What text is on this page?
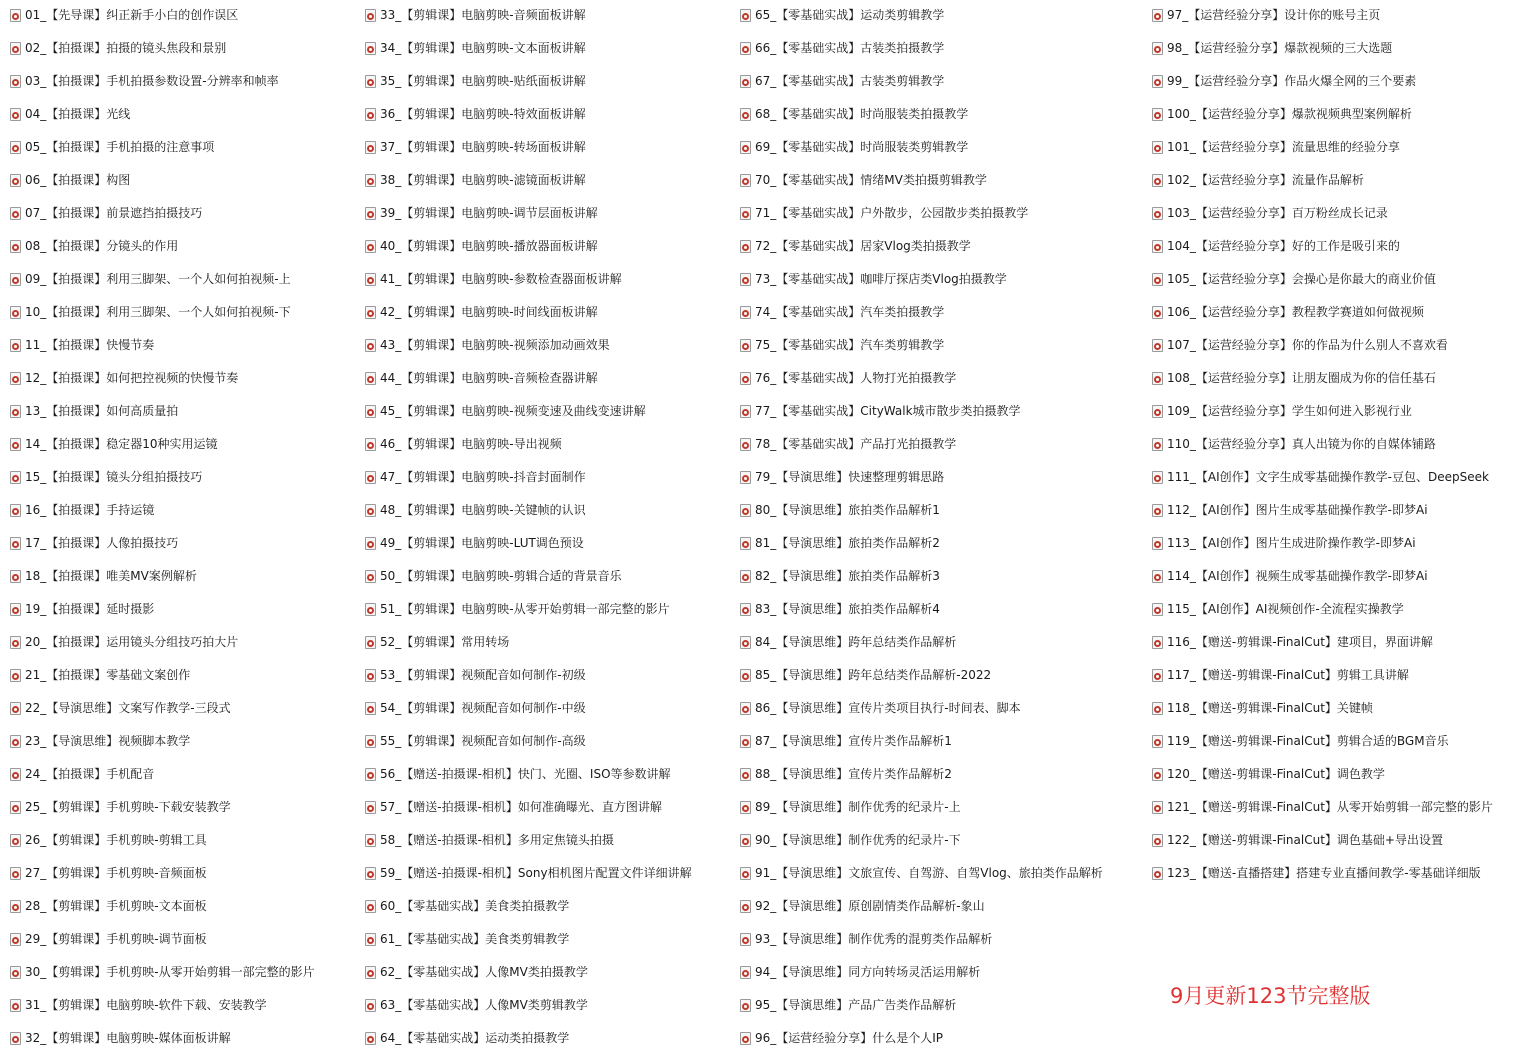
01_【先导课】纠正新手小白的创作误区
02_【拍摄课】拍摄的镜头焦段和景别
03_【拍摄课】手机拍摄参数设置-分辨率和帧率
04_【拍摄课】光线
05_【拍摄课】手机拍摄的注意事项
06_【拍摄课】构图
07_【拍摄课】前景遮挡拍摄技巧
08_【拍摄课】分镜头的作用
09_【拍摄课】利用三脚架、一个人如何拍视频-上
10_【拍摄课】利用三脚架、一个人如何拍视频-下
11_【拍摄课】快慢节奏
12_【拍摄课】如何把控视频的快慢节奏
13_【拍摄课】如何高质量拍
14_【拍摄课】稳定器10种实用运镜
15_【拍摄课】镜头分组拍摄技巧
16_【拍摄课】手持运镜
17_【拍摄课】人像拍摄技巧
18_【拍摄课】唯美MV案例解析
19_【拍摄课】延时摄影
20_【拍摄课】运用镜头分组技巧拍大片
21_【拍摄课】零基础文案创作
22_【导演思维】文案写作教学-三段式
23_【导演思维】视频脚本教学
24_【拍摄课】手机配音
25_【剪辑课】手机剪映-下载安装教学
26_【剪辑课】手机剪映-剪辑工具
27_【剪辑课】手机剪映-音频面板
28_【剪辑课】手机剪映-文本面板
29_【剪辑课】手机剪映-调节面板
30_【剪辑课】手机剪映-从零开始剪辑一部完整的影片
31_【剪辑课】电脑剪映-软件下载、安装教学
32_【剪辑课】电脑剪映-媒体面板讲解
33_【剪辑课】电脑剪映-音频面板讲解
34_【剪辑课】电脑剪映-文本面板讲解
35_【剪辑课】电脑剪映-贴纸面板讲解
36_【剪辑课】电脑剪映-特效面板讲解
37_【剪辑课】电脑剪映-转场面板讲解
38_【剪辑课】电脑剪映-滤镜面板讲解
39_【剪辑课】电脑剪映-调节层面板讲解
40_【剪辑课】电脑剪映-播放器面板讲解
41_【剪辑课】电脑剪映-参数检查器面板讲解
42_【剪辑课】电脑剪映-时间线面板讲解
43_【剪辑课】电脑剪映-视频添加动画效果
44_【剪辑课】电脑剪映-音频检查器讲解
45_【剪辑课】电脑剪映-视频变速及曲线变速讲解
46_【剪辑课】电脑剪映-导出视频
47_【剪辑课】电脑剪映-抖音封面制作
48_【剪辑课】电脑剪映-关键帧的认识
49_【剪辑课】电脑剪映-LUT调色预设
50_【剪辑课】电脑剪映-剪辑合适的背景音乐
51_【剪辑课】电脑剪映-从零开始剪辑一部完整的影片
52_【剪辑课】常用转场
53_【剪辑课】视频配音如何制作-初级
54_【剪辑课】视频配音如何制作-中级
55_【剪辑课】视频配音如何制作-高级
56_【赠送-拍摄课-相机】快门、光圈、ISO等参数讲解
57_【赠送-拍摄课-相机】如何准确曝光、直方图讲解
58_【赠送-拍摄课-相机】多用定焦镜头拍摄
59_【赠送-拍摄课-相机】Sony相机图片配置文件详细讲解
60_【零基础实战】美食类拍摄教学
61_【零基础实战】美食类剪辑教学
62_【零基础实战】人像MV类拍摄教学
63_【零基础实战】人像MV类剪辑教学
64_【零基础实战】运动类拍摄教学
65_【零基础实战】运动类剪辑教学
66_【零基础实战】古装类拍摄教学
67_【零基础实战】古装类剪辑教学
68_【零基础实战】时尚服装类拍摄教学
69_【零基础实战】时尚服装类剪辑教学
70_【零基础实战】情绪MV类拍摄剪辑教学
71_【零基础实战】户外散步，公园散步类拍摄教学
72_【零基础实战】居家Vlog类拍摄教学
73_【零基础实战】咖啡厅探店类Vlog拍摄教学
74_【零基础实战】汽车类拍摄教学
75_【零基础实战】汽车类剪辑教学
76_【零基础实战】人物打光拍摄教学
77_【零基础实战】CityWalk城市散步类拍摄教学
78_【零基础实战】产品打光拍摄教学
79_【导演思维】快速整理剪辑思路
80_【导演思维】旅拍类作品解析1
81_【导演思维】旅拍类作品解析2
82_【导演思维】旅拍类作品解析3
83_【导演思维】旅拍类作品解析4
84_【导演思维】跨年总结类作品解析
85_【导演思维】跨年总结类作品解析-2022
86_【导演思维】宣传片类项目执行-时间表、脚本
87_【导演思维】宣传片类作品解析1
88_【导演思维】宣传片类作品解析2
89_【导演思维】制作优秀的纪录片-上
90_【导演思维】制作优秀的纪录片-下
91_【导演思维】文旅宣传、自驾游、自驾Vlog、旅拍类作品解析
92_【导演思维】原创剧情类作品解析-象山
93_【导演思维】制作优秀的混剪类作品解析
94_【导演思维】同方向转场灵活运用解析
95_【导演思维】产品广告类作品解析
96_【运营经验分享】什么是个人IP
97_【运营经验分享】设计你的账号主页
98_【运营经验分享】爆款视频的三大选题
99_【运营经验分享】作品火爆全网的三个要素
100_【运营经验分享】爆款视频典型案例解析
101_【运营经验分享】流量思维的经验分享
102_【运营经验分享】流量作品解析
103_【运营经验分享】百万粉丝成长记录
104_【运营经验分享】好的工作是吸引来的
105_【运营经验分享】会操心是你最大的商业价值
106_【运营经验分享】教程教学赛道如何做视频
107_【运营经验分享】你的作品为什么别人不喜欢看
108_【运营经验分享】让朋友圈成为你的信任基石
109_【运营经验分享】学生如何进入影视行业
110_【运营经验分享】真人出镜为你的自媒体铺路
111_【AI创作】文字生成零基础操作教学-豆包、DeepSeek
112_【AI创作】图片生成零基础操作教学-即梦Ai
113_【AI创作】图片生成进阶操作教学-即梦Ai
114_【AI创作】视频生成零基础操作教学-即梦Ai
115_【AI创作】AI视频创作-全流程实操教学
116_【赠送-剪辑课-FinalCut】建项目，界面讲解
117_【赠送-剪辑课-FinalCut】剪辑工具讲解
118_【赠送-剪辑课-FinalCut】关键帧
119_【赠送-剪辑课-FinalCut】剪辑合适的BGM音乐
120_【赠送-剪辑课-FinalCut】调色教学
121_【赠送-剪辑课-FinalCut】从零开始剪辑一部完整的影片
122_【赠送-剪辑课-FinalCut】调色基础+导出设置
123_【赠送-直播搭建】搭建专业直播间教学-零基础详细版
9月更新123节完整版
